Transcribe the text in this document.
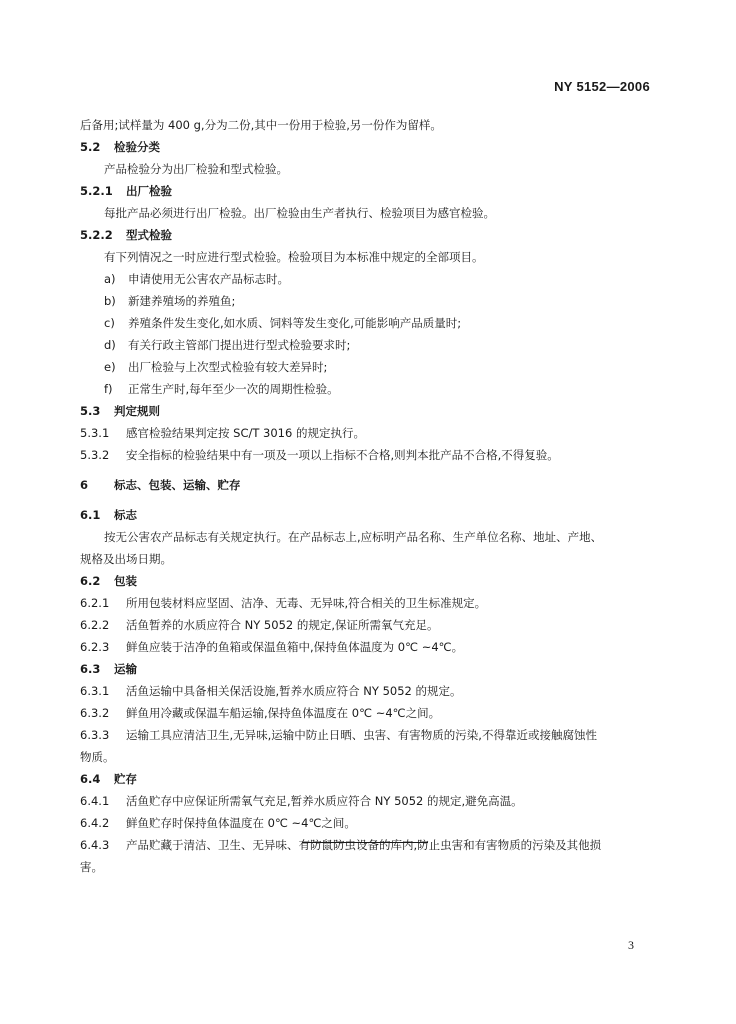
NY 5152—2006
后备用;试样量为 400 g,分为二份,其中一份用于检验,另一份作为留样。
5.2 检验分类
产品检验分为出厂检验和型式检验。
5.2.1 出厂检验
每批产品必须进行出厂检验。出厂检验由生产者执行、检验项目为感官检验。
5.2.2 型式检验
有下列情况之一时应进行型式检验。检验项目为本标准中规定的全部项目。
a) 申请使用无公害农产品标志时。
b) 新建养殖场的养殖鱼;
c) 养殖条件发生变化,如水质、饲料等发生变化,可能影响产品质量时;
d) 有关行政主管部门提出进行型式检验要求时;
e) 出厂检验与上次型式检验有较大差异时;
f) 正常生产时,每年至少一次的周期性检验。
5.3 判定规则
5.3.1 感官检验结果判定按 SC/T 3016 的规定执行。
5.3.2 安全指标的检验结果中有一项及一项以上指标不合格,则判本批产品不合格,不得复验。
6 标志、包装、运输、贮存
6.1 标志
按无公害农产品标志有关规定执行。在产品标志上,应标明产品名称、生产单位名称、地址、产地、
规格及出场日期。
6.2 包装
6.2.1 所用包装材料应坚固、洁净、无毒、无异味,符合相关的卫生标准规定。
6.2.2 活鱼暂养的水质应符合 NY 5052 的规定,保证所需氧气充足。
6.2.3 鲜鱼应装于洁净的鱼箱或保温鱼箱中,保持鱼体温度为 0℃ ~4℃。
6.3 运输
6.3.1 活鱼运输中具备相关保活设施,暂养水质应符合 NY 5052 的规定。
6.3.2 鲜鱼用冷藏或保温车船运输,保持鱼体温度在 0℃ ~4℃之间。
6.3.3 运输工具应清洁卫生,无异味,运输中防止日晒、虫害、有害物质的污染,不得靠近或接触腐蚀性
物质。
6.4 贮存
6.4.1 活鱼贮存中应保证所需氧气充足,暂养水质应符合 NY 5052 的规定,避免高温。
6.4.2 鲜鱼贮存时保持鱼体温度在 0℃ ~4℃之间。
6.4.3 产品贮藏于清洁、卫生、无异味、有防鼠防虫设备的库内,防止虫害和有害物质的污染及其他损
害。
3
